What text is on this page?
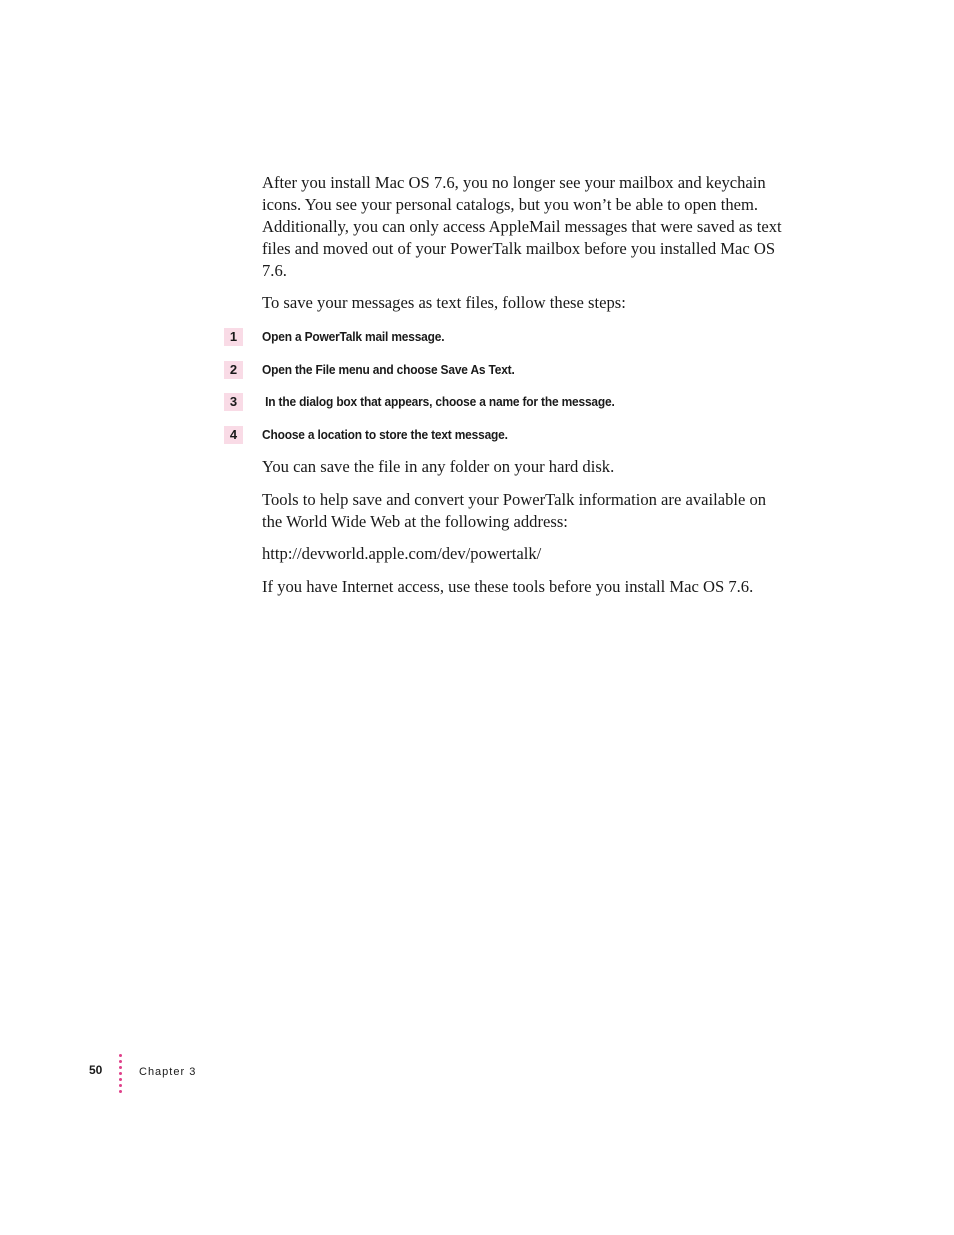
After you install Mac OS 7.6, you no longer see your mailbox and keychain icons. You see your personal catalogs, but you won’t be able to open them. Additionally, you can only access AppleMail messages that were saved as text files and moved out of your PowerTalk mailbox before you installed Mac OS 7.6.

To save your messages as text files, follow these steps:

1	Open a PowerTalk mail message.
2	Open the File menu and choose Save As Text.
3	In the dialog box that appears, choose a name for the message.
4	Choose a location to store the text message.

You can save the file in any folder on your hard disk.

Tools to help save and convert your PowerTalk information are available on the World Wide Web at the following address:

http://devworld.apple.com/dev/powertalk/

If you have Internet access, use these tools before you install Mac OS 7.6.

50	Chapter 3
